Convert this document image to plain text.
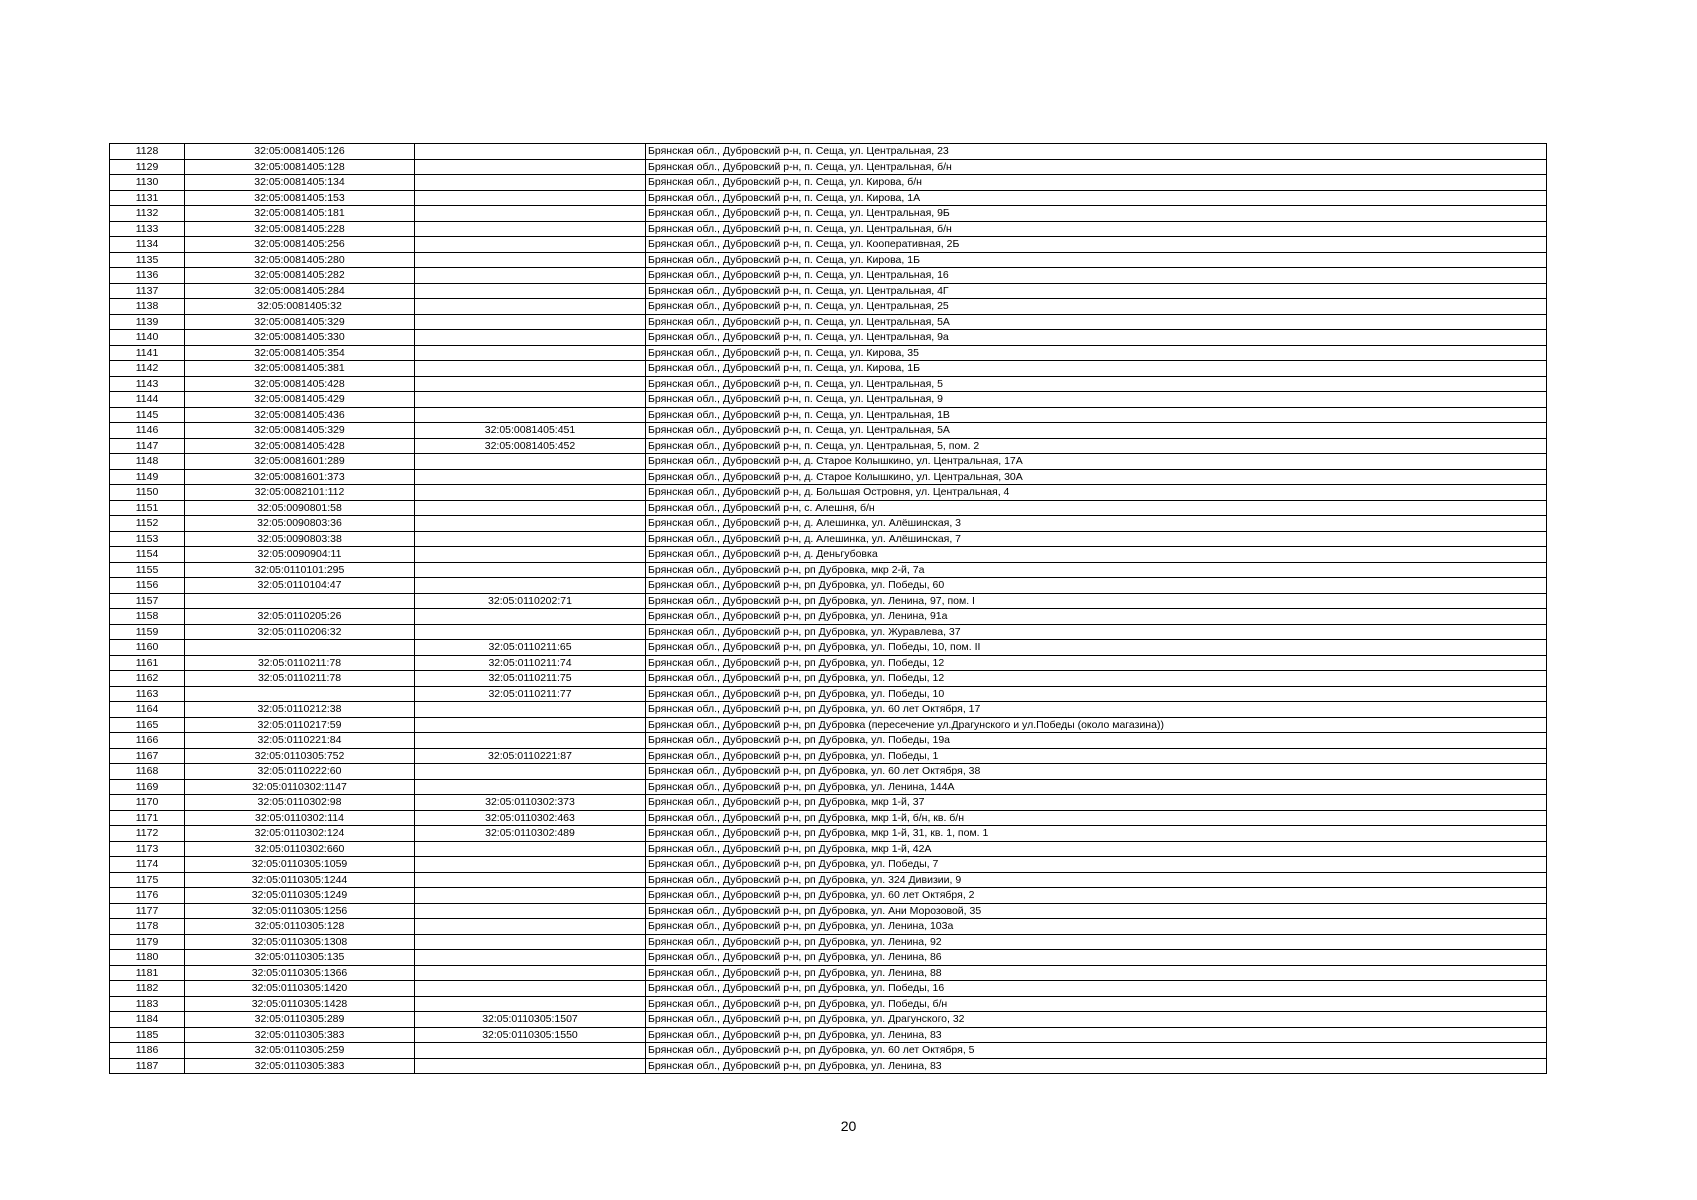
1128	32:05:0081405:126		Брянская обл., Дубровский р-н, п. Сеща, ул. Центральная, 23
1129	32:05:0081405:128		Брянская обл., Дубровский р-н, п. Сеща, ул. Центральная, б/н
1130	32:05:0081405:134		Брянская обл., Дубровский р-н, п. Сеща, ул. Кирова, б/н
1131	32:05:0081405:153		Брянская обл., Дубровский р-н, п. Сеща, ул. Кирова, 1А
1132	32:05:0081405:181		Брянская обл., Дубровский р-н, п. Сеща, ул. Центральная, 9Б
1133	32:05:0081405:228		Брянская обл., Дубровский р-н, п. Сеща, ул. Центральная, б/н
1134	32:05:0081405:256		Брянская обл., Дубровский р-н, п. Сеща, ул. Кооперативная, 2Б
1135	32:05:0081405:280		Брянская обл., Дубровский р-н, п. Сеща, ул. Кирова, 1Б
1136	32:05:0081405:282		Брянская обл., Дубровский р-н, п. Сеща, ул. Центральная, 16
1137	32:05:0081405:284		Брянская обл., Дубровский р-н, п. Сеща, ул. Центральная, 4Г
1138	32:05:0081405:32		Брянская обл., Дубровский р-н, п. Сеща, ул. Центральная, 25
1139	32:05:0081405:329		Брянская обл., Дубровский р-н, п. Сеща, ул. Центральная, 5А
1140	32:05:0081405:330		Брянская обл., Дубровский р-н, п. Сеща, ул. Центральная, 9а
1141	32:05:0081405:354		Брянская обл., Дубровский р-н, п. Сеща, ул. Кирова, 35
1142	32:05:0081405:381		Брянская обл., Дубровский р-н, п. Сеща, ул. Кирова, 1Б
1143	32:05:0081405:428		Брянская обл., Дубровский р-н, п. Сеща, ул. Центральная, 5
1144	32:05:0081405:429		Брянская обл., Дубровский р-н, п. Сеща, ул. Центральная, 9
1145	32:05:0081405:436		Брянская обл., Дубровский р-н, п. Сеща, ул. Центральная, 1В
1146	32:05:0081405:329	32:05:0081405:451	Брянская обл., Дубровский р-н, п. Сеща, ул. Центральная, 5А
1147	32:05:0081405:428	32:05:0081405:452	Брянская обл., Дубровский р-н, п. Сеща, ул. Центральная, 5, пом. 2
1148	32:05:0081601:289		Брянская обл., Дубровский р-н, д. Старое Колышкино, ул. Центральная, 17А
1149	32:05:0081601:373		Брянская обл., Дубровский р-н, д. Старое Колышкино, ул. Центральная, 30А
1150	32:05:0082101:112		Брянская обл., Дубровский р-н, д. Большая Островня, ул. Центральная, 4
1151	32:05:0090801:58		Брянская обл., Дубровский р-н, с. Алешня, б/н
1152	32:05:0090803:36		Брянская обл., Дубровский р-н, д. Алешинка, ул. Алёшинская, 3
1153	32:05:0090803:38		Брянская обл., Дубровский р-н, д. Алешинка, ул. Алёшинская, 7
1154	32:05:0090904:11		Брянская обл., Дубровский р-н, д. Деньгубовка
1155	32:05:0110101:295		Брянская обл., Дубровский р-н, рп Дубровка, мкр 2-й, 7а
1156	32:05:0110104:47		Брянская обл., Дубровский р-н, рп Дубровка, ул. Победы, 60
1157		32:05:0110202:71	Брянская обл., Дубровский р-н, рп Дубровка, ул. Ленина, 97, пом. I
1158	32:05:0110205:26		Брянская обл., Дубровский р-н, рп Дубровка, ул. Ленина, 91а
1159	32:05:0110206:32		Брянская обл., Дубровский р-н, рп Дубровка, ул. Журавлева, 37
1160		32:05:0110211:65	Брянская обл., Дубровский р-н, рп Дубровка, ул. Победы, 10, пом. II
1161	32:05:0110211:78	32:05:0110211:74	Брянская обл., Дубровский р-н, рп Дубровка, ул. Победы, 12
1162	32:05:0110211:78	32:05:0110211:75	Брянская обл., Дубровский р-н, рп Дубровка, ул. Победы, 12
1163		32:05:0110211:77	Брянская обл., Дубровский р-н, рп Дубровка, ул. Победы, 10
1164	32:05:0110212:38		Брянская обл., Дубровский р-н, рп Дубровка, ул. 60 лет Октября, 17
1165	32:05:0110217:59		Брянская обл., Дубровский р-н, рп Дубровка (пересечение ул.Драгунского и ул.Победы (около магазина))
1166	32:05:0110221:84		Брянская обл., Дубровский р-н, рп Дубровка, ул. Победы, 19а
1167	32:05:0110305:752	32:05:0110221:87	Брянская обл., Дубровский р-н, рп Дубровка, ул. Победы, 1
1168	32:05:0110222:60		Брянская обл., Дубровский р-н, рп Дубровка, ул. 60 лет Октября, 38
1169	32:05:0110302:1147		Брянская обл., Дубровский р-н, рп Дубровка, ул. Ленина, 144А
1170	32:05:0110302:98	32:05:0110302:373	Брянская обл., Дубровский р-н, рп Дубровка, мкр 1-й, 37
1171	32:05:0110302:114	32:05:0110302:463	Брянская обл., Дубровский р-н, рп Дубровка, мкр 1-й, б/н, кв. б/н
1172	32:05:0110302:124	32:05:0110302:489	Брянская обл., Дубровский р-н, рп Дубровка, мкр 1-й, 31, кв. 1, пом. 1
1173	32:05:0110302:660		Брянская обл., Дубровский р-н, рп Дубровка, мкр 1-й, 42А
1174	32:05:0110305:1059		Брянская обл., Дубровский р-н, рп Дубровка, ул. Победы, 7
1175	32:05:0110305:1244		Брянская обл., Дубровский р-н, рп Дубровка, ул. 324 Дивизии, 9
1176	32:05:0110305:1249		Брянская обл., Дубровский р-н, рп Дубровка, ул. 60 лет Октября, 2
1177	32:05:0110305:1256		Брянская обл., Дубровский р-н, рп Дубровка, ул. Ани Морозовой, 35
1178	32:05:0110305:128		Брянская обл., Дубровский р-н, рп Дубровка, ул. Ленина, 103а
1179	32:05:0110305:1308		Брянская обл., Дубровский р-н, рп Дубровка, ул. Ленина, 92
1180	32:05:0110305:135		Брянская обл., Дубровский р-н, рп Дубровка, ул. Ленина, 86
1181	32:05:0110305:1366		Брянская обл., Дубровский р-н, рп Дубровка, ул. Ленина, 88
1182	32:05:0110305:1420		Брянская обл., Дубровский р-н, рп Дубровка, ул. Победы, 16
1183	32:05:0110305:1428		Брянская обл., Дубровский р-н, рп Дубровка, ул. Победы, б/н
1184	32:05:0110305:289	32:05:0110305:1507	Брянская обл., Дубровский р-н, рп Дубровка, ул. Драгунского, 32
1185	32:05:0110305:383	32:05:0110305:1550	Брянская обл., Дубровский р-н, рп Дубровка, ул. Ленина, 83
1186	32:05:0110305:259		Брянская обл., Дубровский р-н, рп Дубровка, ул. 60 лет Октября, 5
1187	32:05:0110305:383		Брянская обл., Дубровский р-н, рп Дубровка, ул. Ленина, 83
20
